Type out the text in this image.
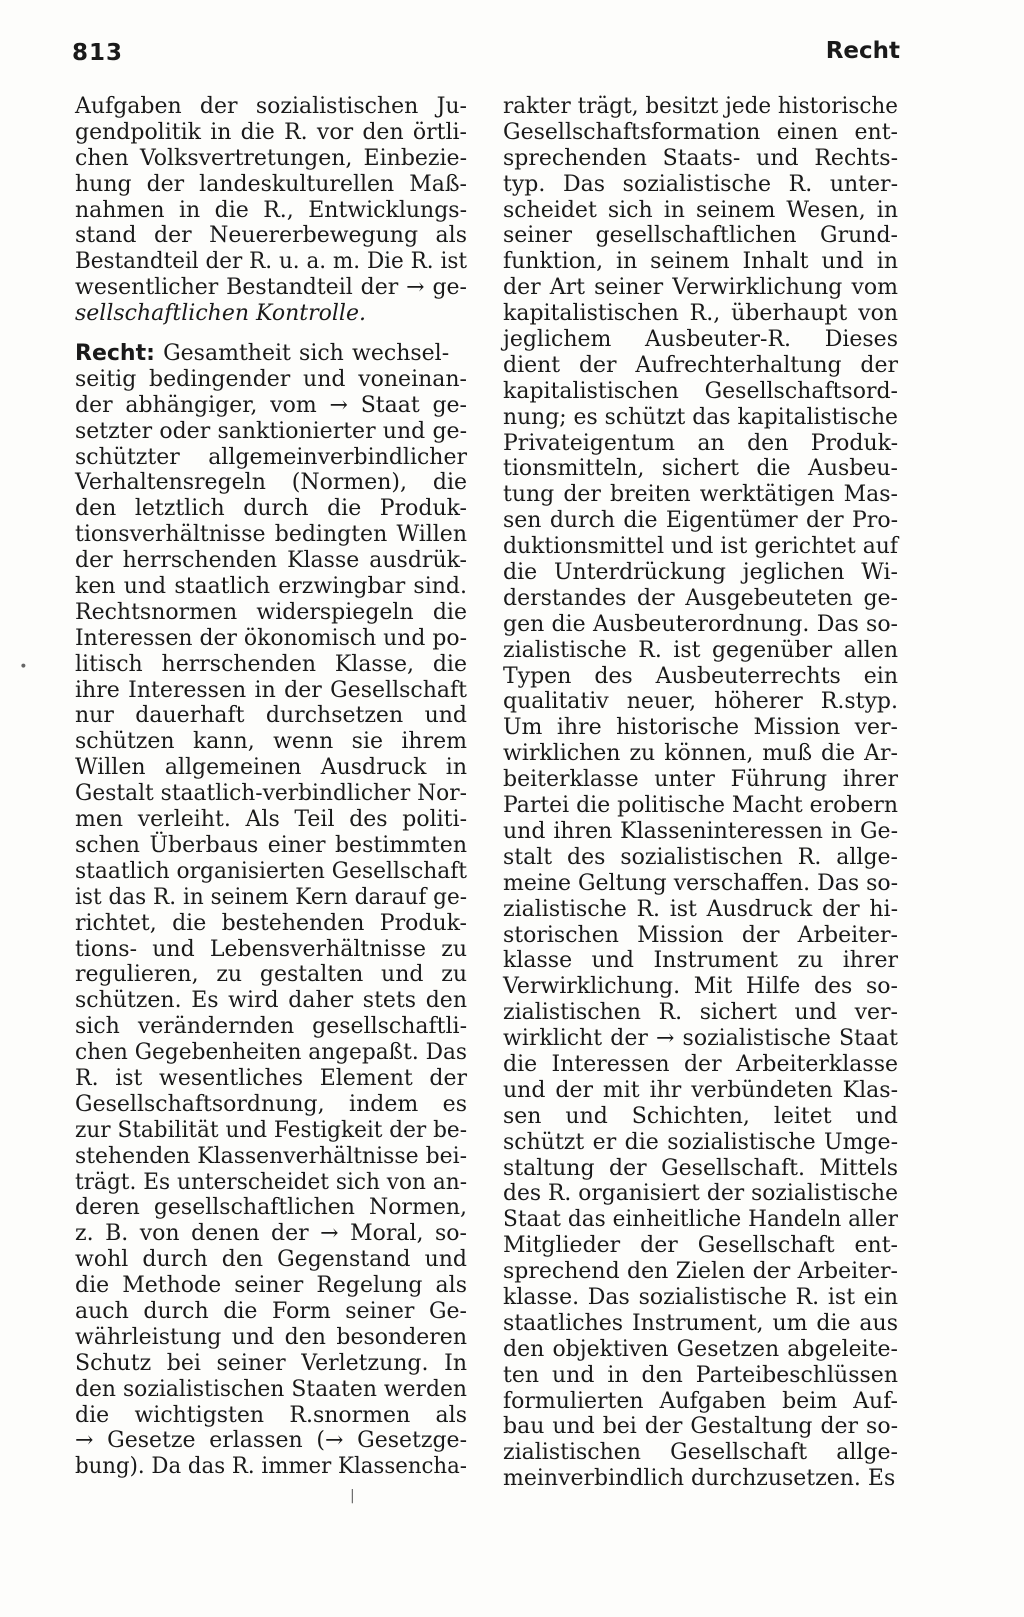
813	Recht
Aufgaben der sozialistischen Ju-
gendpolitik in die R. vor den örtli-
chen Volksvertretungen, Einbezie-
hung der landeskulturellen Maß-
nahmen in die R., Entwicklungs-
stand der Neuererbewegung als
Bestandteil der R. u. a. m. Die R. ist
wesentlicher Bestandteil der → ge-
sellschaftlichen Kontrolle.
Recht: Gesamtheit sich wechsel-
seitig bedingender und voneinan-
der abhängiger, vom → Staat ge-
setzter oder sanktionierter und ge-
schützter allgemeinverbindlicher
Verhaltensregeln (Normen), die
den letztlich durch die Produk-
tionsverhältnisse bedingten Willen
der herrschenden Klasse ausdrük-
ken und staatlich erzwingbar sind.
Rechtsnormen widerspiegeln die
Interessen der ökonomisch und po-
litisch herrschenden Klasse, die
ihre Interessen in der Gesellschaft
nur dauerhaft durchsetzen und
schützen kann, wenn sie ihrem
Willen allgemeinen Ausdruck in
Gestalt staatlich-verbindlicher Nor-
men verleiht. Als Teil des politi-
schen Überbaus einer bestimmten
staatlich organisierten Gesellschaft
ist das R. in seinem Kern darauf ge-
richtet, die bestehenden Produk-
tions- und Lebensverhältnisse zu
regulieren, zu gestalten und zu
schützen. Es wird daher stets den
sich verändernden gesellschaftli-
chen Gegebenheiten angepaßt. Das
R. ist wesentliches Element der
Gesellschaftsordnung, indem es
zur Stabilität und Festigkeit der be-
stehenden Klassenverhältnisse bei-
trägt. Es unterscheidet sich von an-
deren gesellschaftlichen Normen,
z. B. von denen der → Moral, so-
wohl durch den Gegenstand und
die Methode seiner Regelung als
auch durch die Form seiner Ge-
währleistung und den besonderen
Schutz bei seiner Verletzung. In
den sozialistischen Staaten werden
die wichtigsten R.snormen als
→ Gesetze erlassen (→ Gesetzge-
bung). Da das R. immer Klassencha-
rakter trägt, besitzt jede historische
Gesellschaftsformation einen ent-
sprechenden Staats- und Rechts-
typ. Das sozialistische R. unter-
scheidet sich in seinem Wesen, in
seiner gesellschaftlichen Grund-
funktion, in seinem Inhalt und in
der Art seiner Verwirklichung vom
kapitalistischen R., überhaupt von
jeglichem Ausbeuter-R. Dieses
dient der Aufrechterhaltung der
kapitalistischen Gesellschaftsord-
nung; es schützt das kapitalistische
Privateigentum an den Produk-
tionsmitteln, sichert die Ausbeu-
tung der breiten werktätigen Mas-
sen durch die Eigentümer der Pro-
duktionsmittel und ist gerichtet auf
die Unterdrückung jeglichen Wi-
derstandes der Ausgebeuteten ge-
gen die Ausbeuterordnung. Das so-
zialistische R. ist gegenüber allen
Typen des Ausbeuterrechts ein
qualitativ neuer, höherer R.styp.
Um ihre historische Mission ver-
wirklichen zu können, muß die Ar-
beiterklasse unter Führung ihrer
Partei die politische Macht erobern
und ihren Klasseninteressen in Ge-
stalt des sozialistischen R. allge-
meine Geltung verschaffen. Das so-
zialistische R. ist Ausdruck der hi-
storischen Mission der Arbeiter-
klasse und Instrument zu ihrer
Verwirklichung. Mit Hilfe des so-
zialistischen R. sichert und ver-
wirklicht der → sozialistische Staat
die Interessen der Arbeiterklasse
und der mit ihr verbündeten Klas-
sen und Schichten, leitet und
schützt er die sozialistische Umge-
staltung der Gesellschaft. Mittels
des R. organisiert der sozialistische
Staat das einheitliche Handeln aller
Mitglieder der Gesellschaft ent-
sprechend den Zielen der Arbeiter-
klasse. Das sozialistische R. ist ein
staatliches Instrument, um die aus
den objektiven Gesetzen abgeleite-
ten und in den Parteibeschlüssen
formulierten Aufgaben beim Auf-
bau und bei der Gestaltung der so-
zialistischen Gesellschaft allge-
meinverbindlich durchzusetzen. Es
∙
|
